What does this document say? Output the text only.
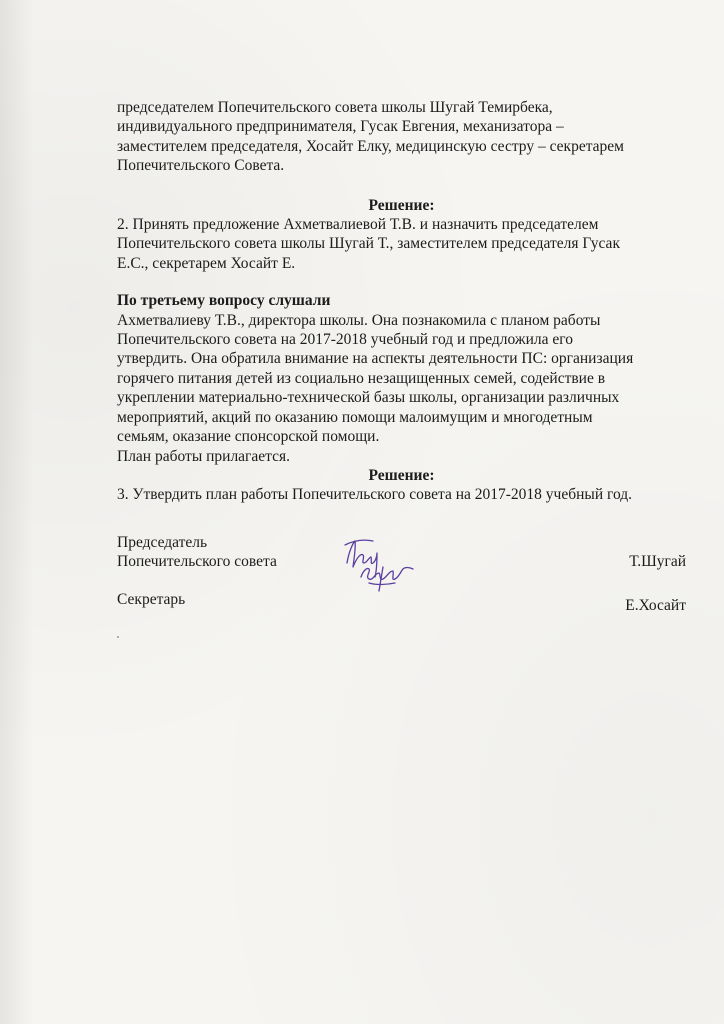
председателем Попечительского совета школы Шугай Темирбека,

индивидуального предпринимателя, Гусак Евгения, механизатора –

заместителем председателя, Хосайт Елку, медицинскую сестру – секретарем

Попечительского Совета.

Решение:

2. Принять предложение Ахметвалиевой Т.В. и назначить председателем

Попечительского совета школы Шугай Т., заместителем председателя Гусак

Е.С., секретарем Хосайт Е.

По третьему вопросу слушали

Ахметвалиеву Т.В., директора школы. Она познакомила с планом работы

Попечительского совета на 2017-2018 учебный год и предложила его

утвердить. Она обратила внимание на аспекты деятельности ПС: организация

горячего питания детей из социально незащищенных семей, содействие в

укреплении материально-технической базы школы, организации различных

мероприятий, акций по оказанию помощи малоимущим и многодетным

семьям, оказание спонсорской помощи.

План работы прилагается.

Решение:

3. Утвердить план работы Попечительского совета на 2017-2018 учебный год.

Председатель
Попечительского совета	Т.Шугай
Секретарь	Е.Хосайт
